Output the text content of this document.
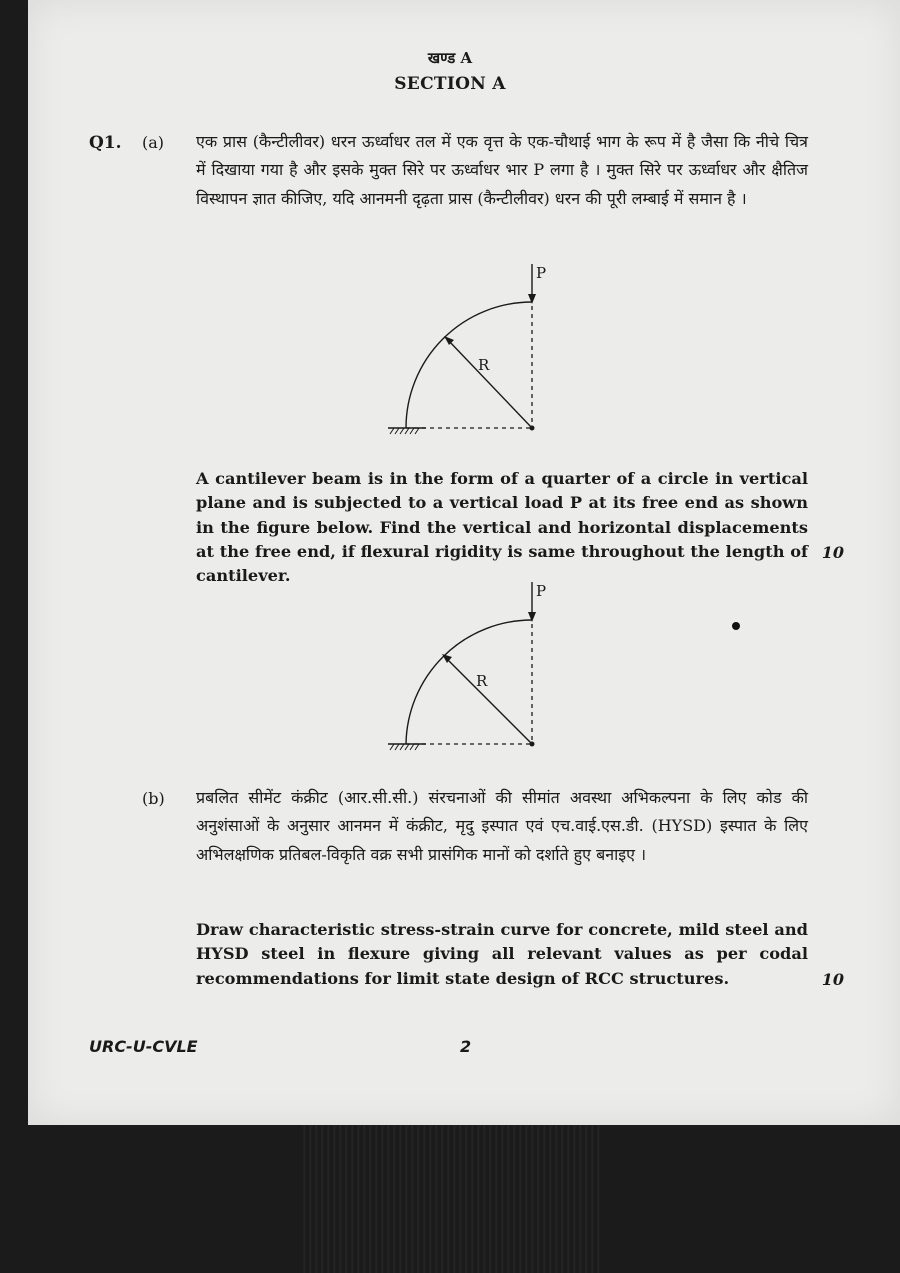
खण्ड A
SECTION A
Q1. (a) एक प्रास (कैन्टीलीवर) धरन ऊर्ध्वाधर तल में एक वृत्त के एक-चौथाई भाग के रूप में है जैसा कि नीचे चित्र में दिखाया गया है और इसके मुक्त सिरे पर ऊर्ध्वाधर भार P लगा है । मुक्त सिरे पर ऊर्ध्वाधर और क्षैतिज विस्थापन ज्ञात कीजिए, यदि आनमनी दृढ़ता प्रास (कैन्टीलीवर) धरन की पूरी लम्बाई में समान है ।
P
R
A cantilever beam is in the form of a quarter of a circle in vertical plane and is subjected to a vertical load P at its free end as shown in the figure below. Find the vertical and horizontal displacements at the free end, if flexural rigidity is same throughout the length of cantilever.
10
P
R
(b) प्रबलित सीमेंट कंक्रीट (आर.सी.सी.) संरचनाओं की सीमांत अवस्था अभिकल्पना के लिए कोड की अनुशंसाओं के अनुसार आनमन में कंक्रीट, मृदु इस्पात एवं एच.वाई.एस.डी. (HYSD) इस्पात के लिए अभिलक्षणिक प्रतिबल-विकृति वक्र सभी प्रासंगिक मानों को दर्शाते हुए बनाइए ।
Draw characteristic stress-strain curve for concrete, mild steel and HYSD steel in flexure giving all relevant values as per codal recommendations for limit state design of RCC structures.	10
URC-U-CVLE	2
